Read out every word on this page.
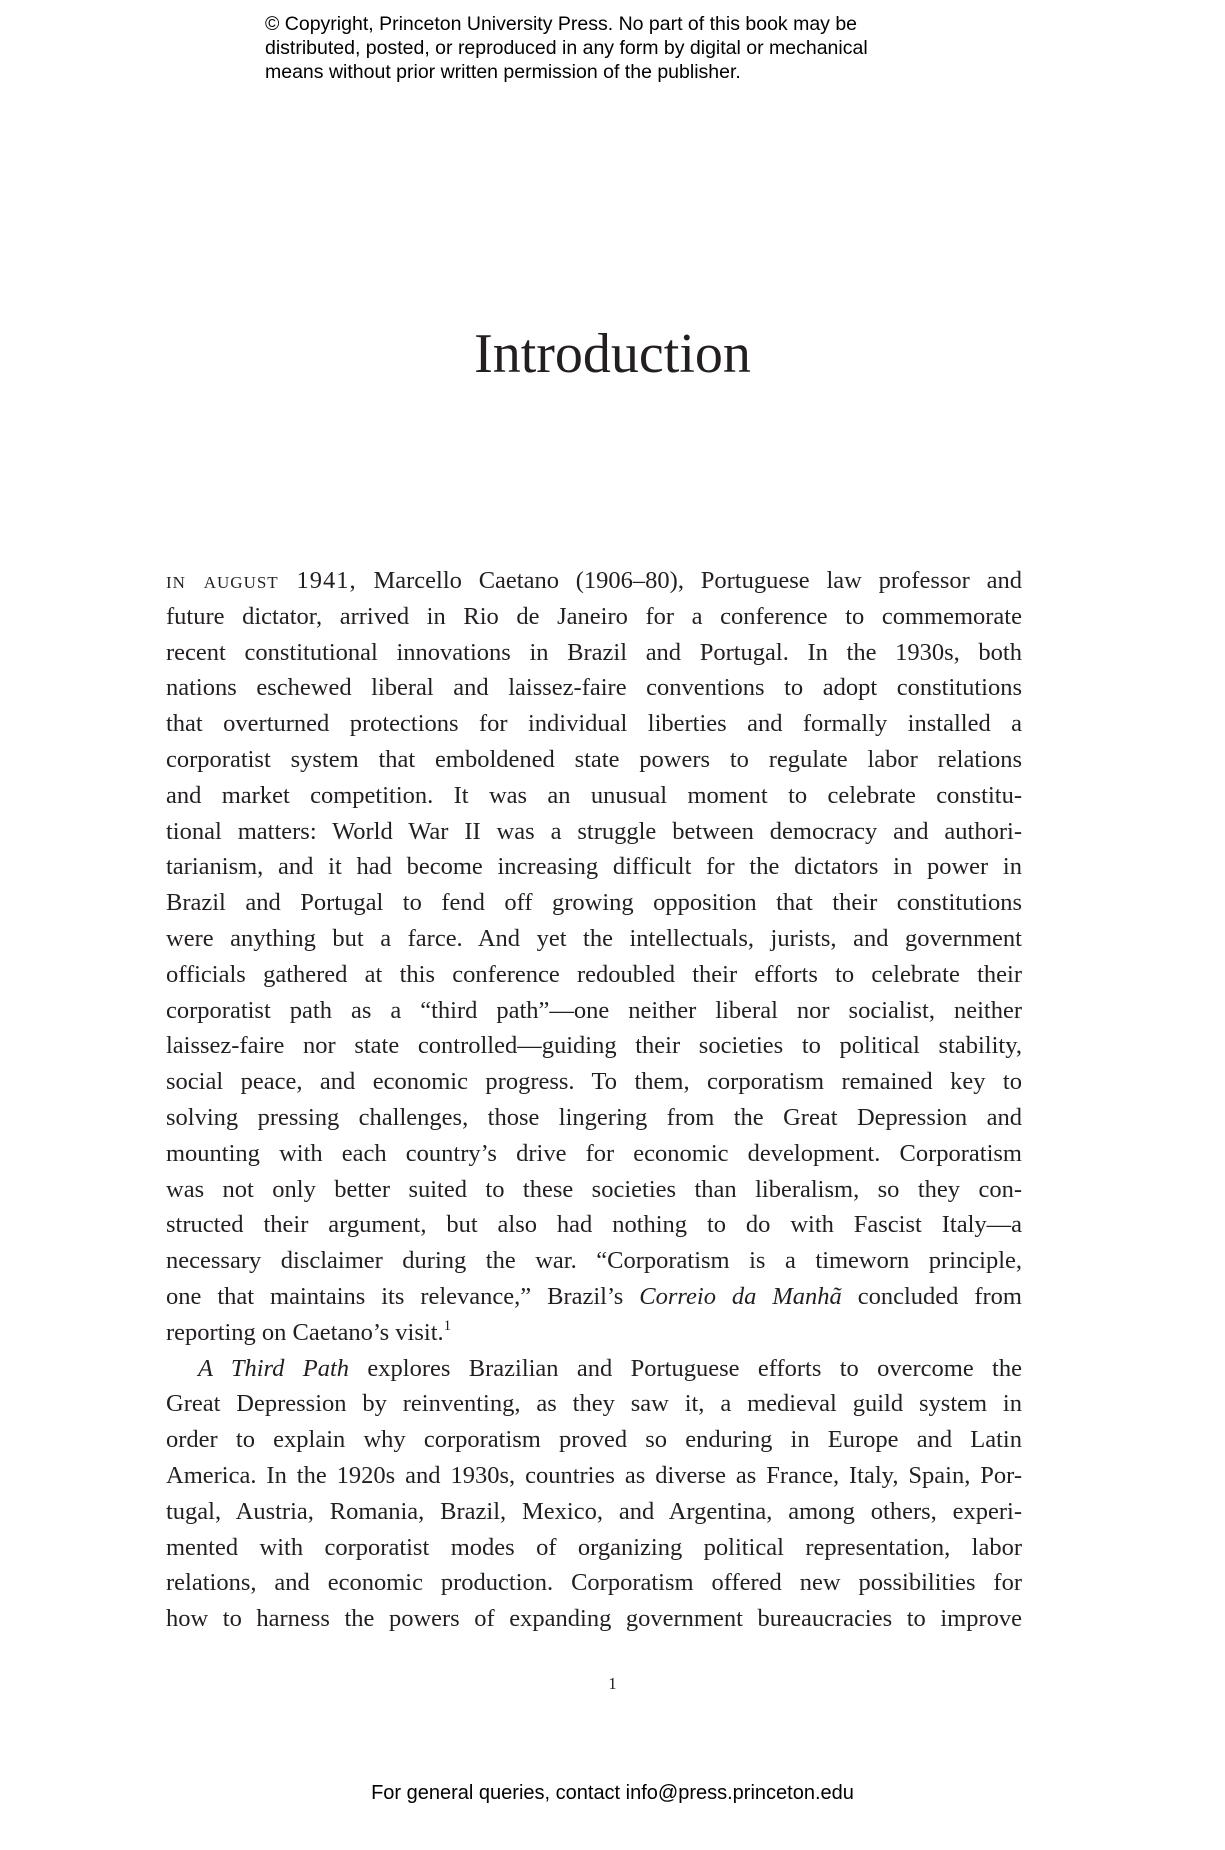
© Copyright, Princeton University Press. No part of this book may be
distributed, posted, or reproduced in any form by digital or mechanical
means without prior written permission of the publisher.
Introduction
in august 1941, Marcello Caetano (1906–80), Portuguese law professor and
future dictator, arrived in Rio de Janeiro for a conference to commemorate
recent constitutional innovations in Brazil and Portugal. In the 1930s, both
nations eschewed liberal and laissez-faire conventions to adopt constitutions
that overturned protections for individual liberties and formally installed a
corporatist system that emboldened state powers to regulate labor relations
and market competition. It was an unusual moment to celebrate constitu-
tional matters: World War II was a struggle between democracy and authori-
tarianism, and it had become increasing difficult for the dictators in power in
Brazil and Portugal to fend off growing opposition that their constitutions
were anything but a farce. And yet the intellectuals, jurists, and government
officials gathered at this conference redoubled their efforts to celebrate their
corporatist path as a “third path”—one neither liberal nor socialist, neither
laissez-faire nor state controlled—guiding their societies to political stability,
social peace, and economic progress. To them, corporatism remained key to
solving pressing challenges, those lingering from the Great Depression and
mounting with each country’s drive for economic development. Corporatism
was not only better suited to these societies than liberalism, so they con-
structed their argument, but also had nothing to do with Fascist Italy—a
necessary disclaimer during the war. “Corporatism is a timeworn principle,
one that maintains its relevance,” Brazil’s Correio da Manhã concluded from
reporting on Caetano’s visit.$^1$
A Third Path explores Brazilian and Portuguese efforts to overcome the
Great Depression by reinventing, as they saw it, a medieval guild system in
order to explain why corporatism proved so enduring in Europe and Latin
America. In the 1920s and 1930s, countries as diverse as France, Italy, Spain, Por-
tugal, Austria, Romania, Brazil, Mexico, and Argentina, among others, experi-
mented with corporatist modes of organizing political representation, labor
relations, and economic production. Corporatism offered new possibilities for
how to harness the powers of expanding government bureaucracies to improve
1
For general queries, contact info@press.princeton.edu
